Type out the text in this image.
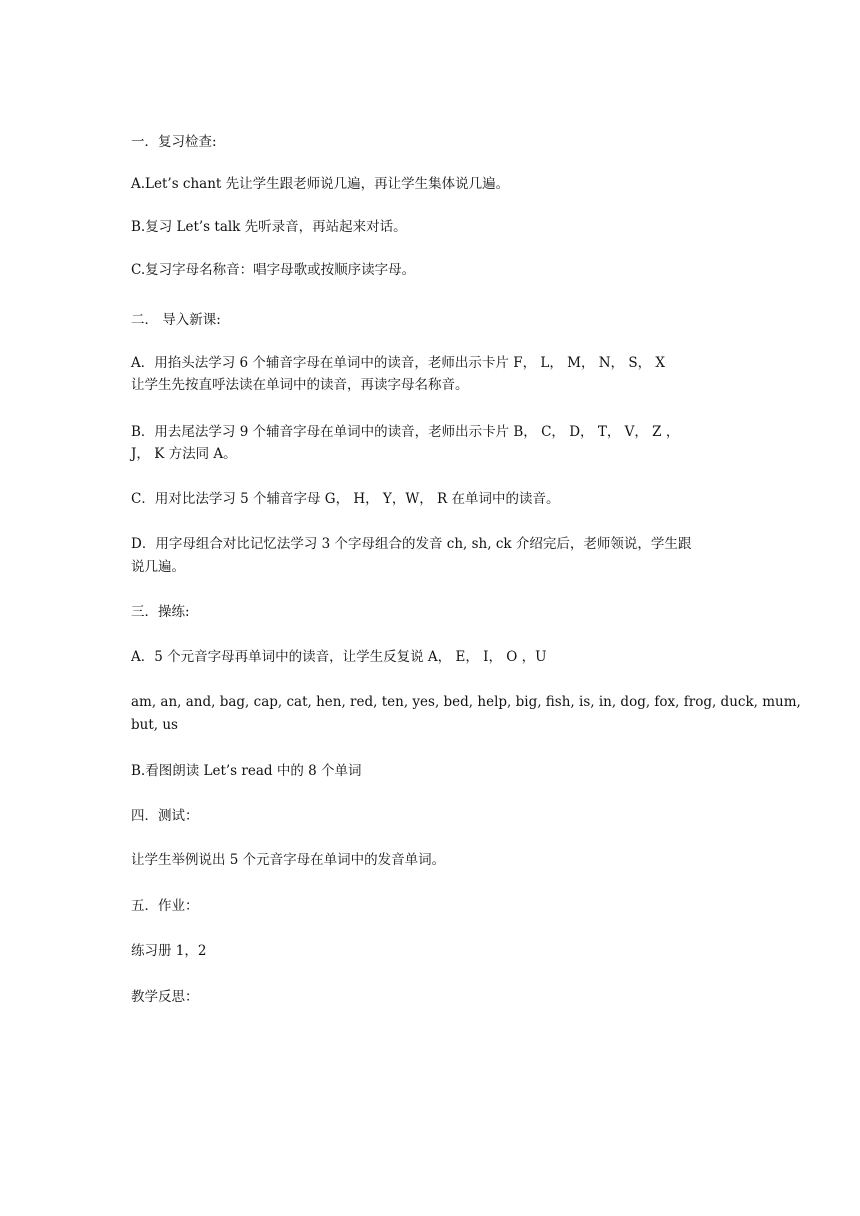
一．复习检查:
A.Let’s chant 先让学生跟老师说几遍，再让学生集体说几遍。
B.复习 Let’s talk 先听录音，再站起来对话。
C.复习字母名称音：唱字母歌或按顺序读字母。
二． 导入新课:
A．用掐头法学习 6 个辅音字母在单词中的读音，老师出示卡片 F， L， M， N， S， X
让学生先按直呼法读在单词中的读音，再读字母名称音。
B．用去尾法学习 9 个辅音字母在单词中的读音，老师出示卡片 B， C， D， T， V， Z ，
J， K 方法同 A。
C．用对比法学习 5 个辅音字母 G， H， Y，W， R 在单词中的读音。
D．用字母组合对比记忆法学习 3 个字母组合的发音 ch, sh, ck 介绍完后，老师领说，学生跟
说几遍。
三．操练:
A．5 个元音字母再单词中的读音，让学生反复说 A， E， I， O ，U
am, an, and, bag, cap, cat, hen, red, ten, yes, bed, help, big, fish, is, in, dog, fox, frog, duck, mum,
but, us
B.看图朗读 Let’s read 中的 8 个单词
四．测试：
让学生举例说出 5 个元音字母在单词中的发音单词。
五．作业：
练习册 1，2
教学反思：
